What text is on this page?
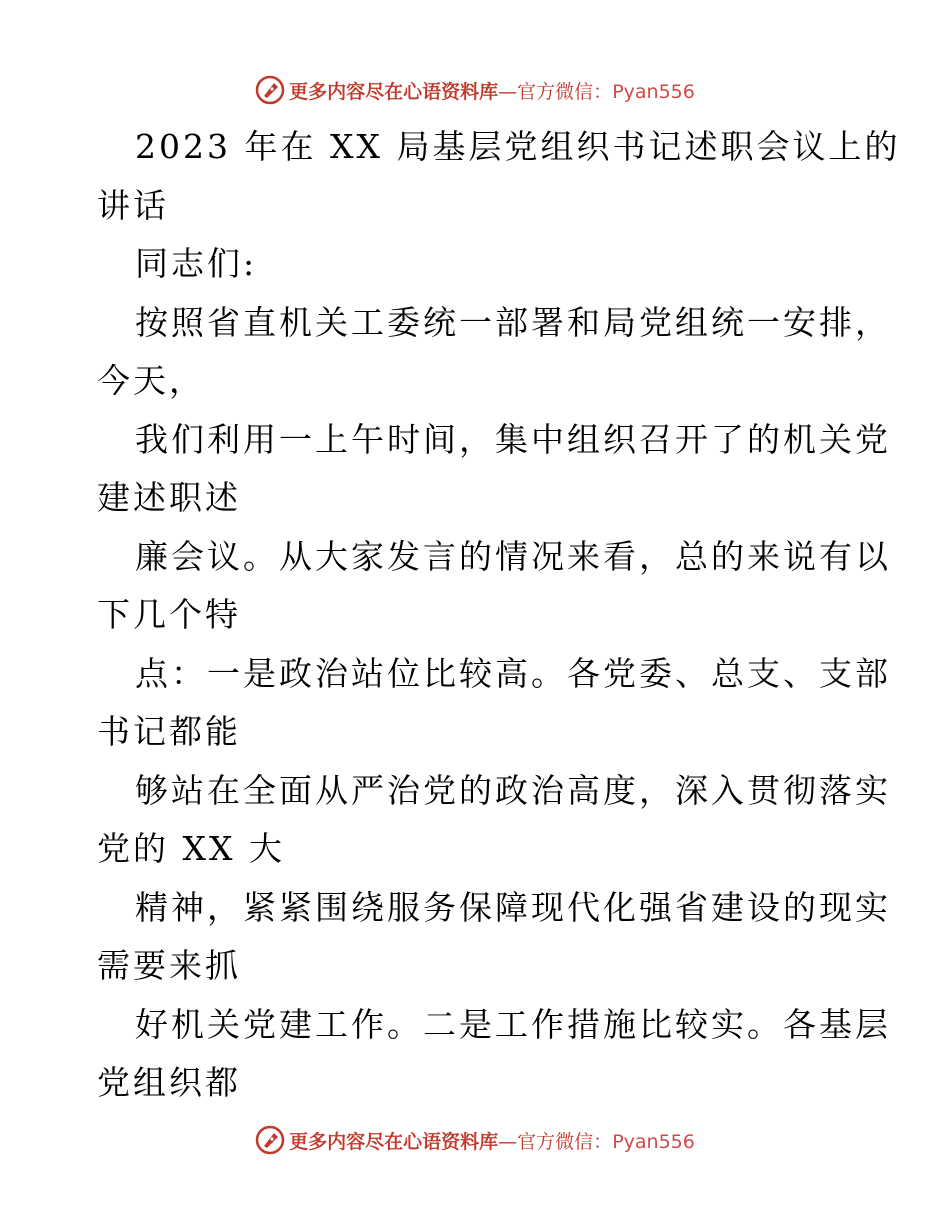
更多内容尽在心语资料库—官方微信：Pyan556
2023 年在 XX 局基层党组织书记述职会议上的
讲话
同志们:
按照省直机关工委统一部署和局党组统一安排，
今天，
我们利用一上午时间，集中组织召开了的机关党
建述职述
廉会议。从大家发言的情况来看，总的来说有以
下几个特
点：一是政治站位比较高。各党委、总支、支部
书记都能
够站在全面从严治党的政治高度，深入贯彻落实
党的 XX 大
精神，紧紧围绕服务保障现代化强省建设的现实
需要来抓
好机关党建工作。二是工作措施比较实。各基层
党组织都
更多内容尽在心语资料库—官方微信：Pyan556
